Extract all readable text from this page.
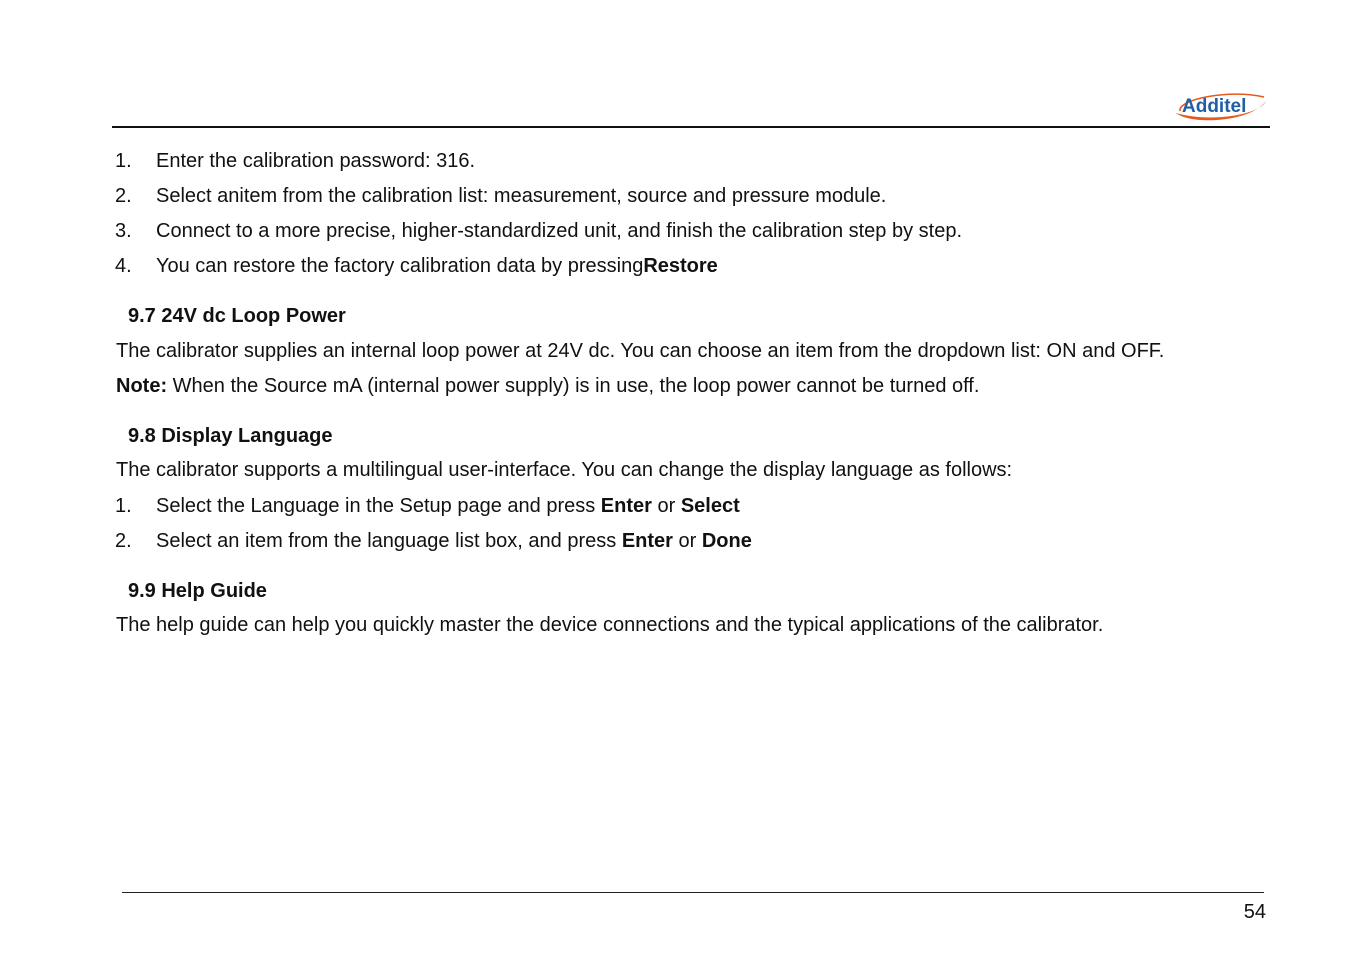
Additel
1. Enter the calibration password: 316.
2. Select anitem from the calibration list: measurement, source and pressure module.
3. Connect to a more precise, higher-standardized unit, and finish the calibration step by step.
4. You can restore the factory calibration data by pressingRestore
9.7 24V dc Loop Power
The calibrator supplies an internal loop power at 24V dc. You can choose an item from the dropdown list: ON and OFF.
Note: When the Source mA (internal power supply) is in use, the loop power cannot be turned off.
9.8 Display Language
The calibrator supports a multilingual user-interface. You can change the display language as follows:
1. Select the Language in the Setup page and press Enter or Select
2. Select an item from the language list box, and press Enter or Done
9.9 Help Guide
The help guide can help you quickly master the device connections and the typical applications of the calibrator.
54
